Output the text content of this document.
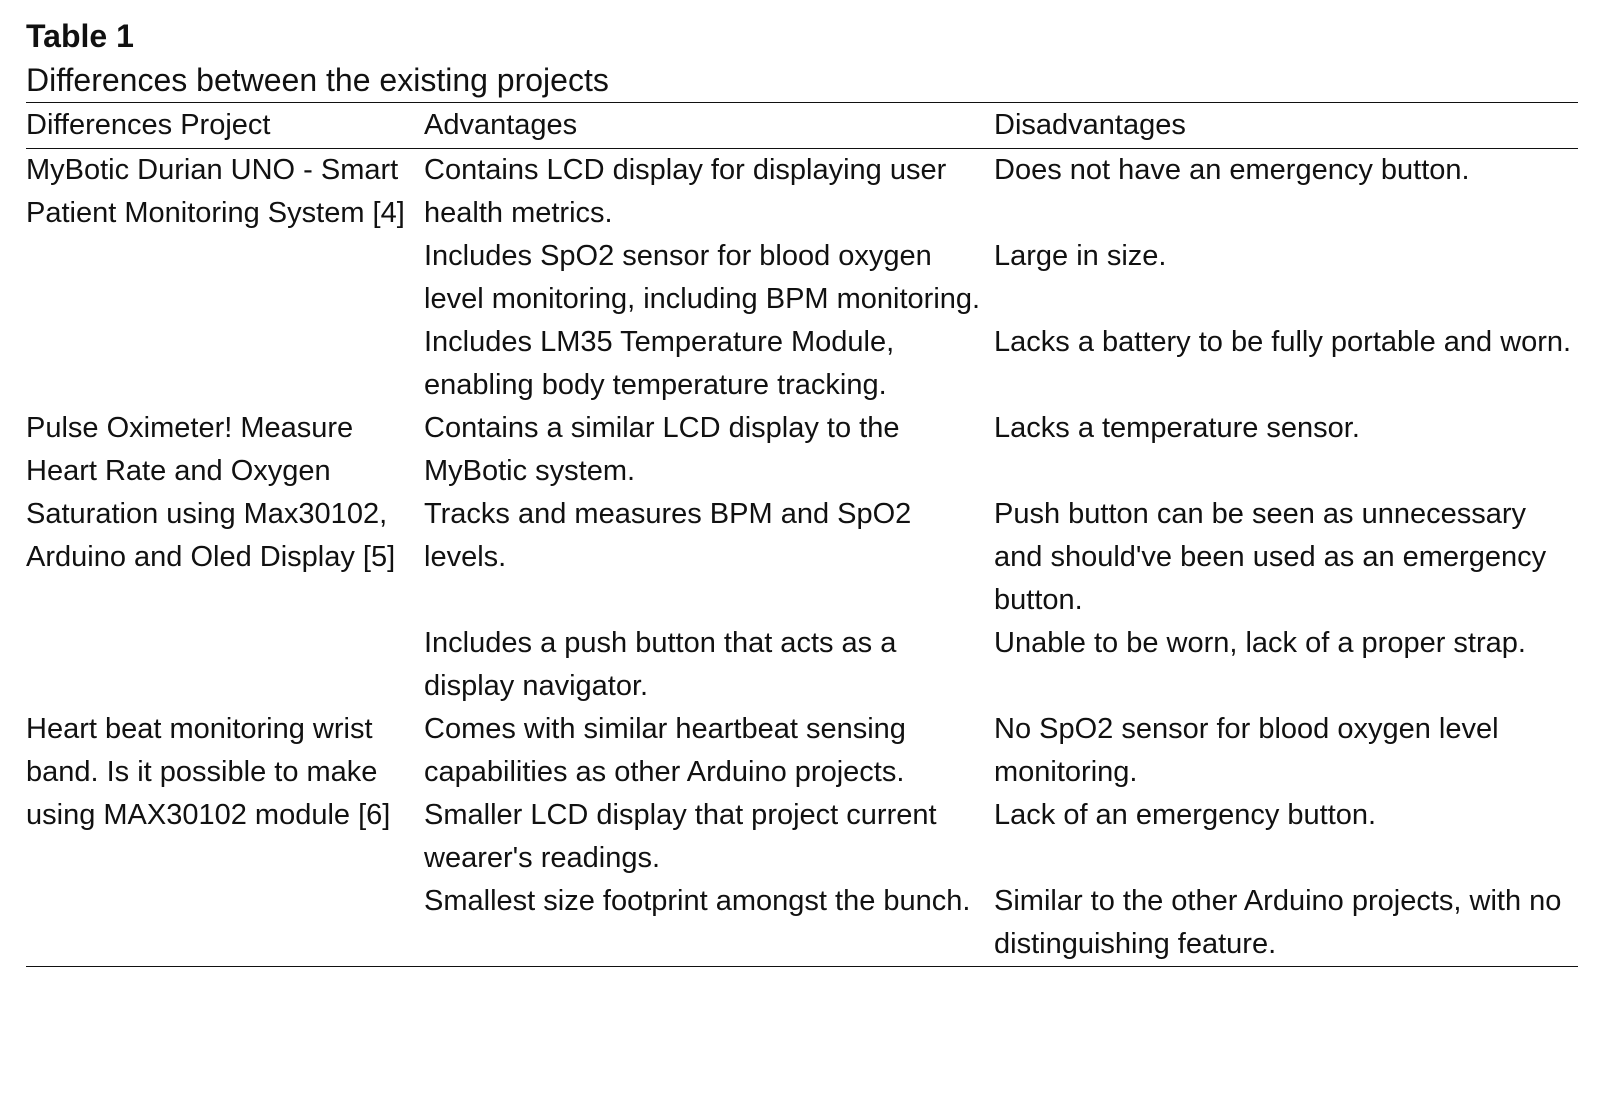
Table 1
Differences between the existing projects
Differences Project	Advantages	Disadvantages
MyBotic Durian UNO - Smart Patient Monitoring System [4]	Contains LCD display for displaying user health metrics.	Does not have an emergency button.
	Includes SpO2 sensor for blood oxygen level monitoring, including BPM monitoring.	Large in size.
	Includes LM35 Temperature Module, enabling body temperature tracking.	Lacks a battery to be fully portable and worn.
Pulse Oximeter! Measure Heart Rate and Oxygen Saturation using Max30102, Arduino and Oled Display [5]	Contains a similar LCD display to the MyBotic system.	Lacks a temperature sensor.
	Tracks and measures BPM and SpO2 levels.	Push button can be seen as unnecessary and should've been used as an emergency button.
	Includes a push button that acts as a display navigator.	Unable to be worn, lack of a proper strap.
Heart beat monitoring wrist band. Is it possible to make using MAX30102 module [6]	Comes with similar heartbeat sensing capabilities as other Arduino projects.	No SpO2 sensor for blood oxygen level monitoring.
	Smaller LCD display that project current wearer's readings.	Lack of an emergency button.
	Smallest size footprint amongst the bunch.	Similar to the other Arduino projects, with no distinguishing feature.
